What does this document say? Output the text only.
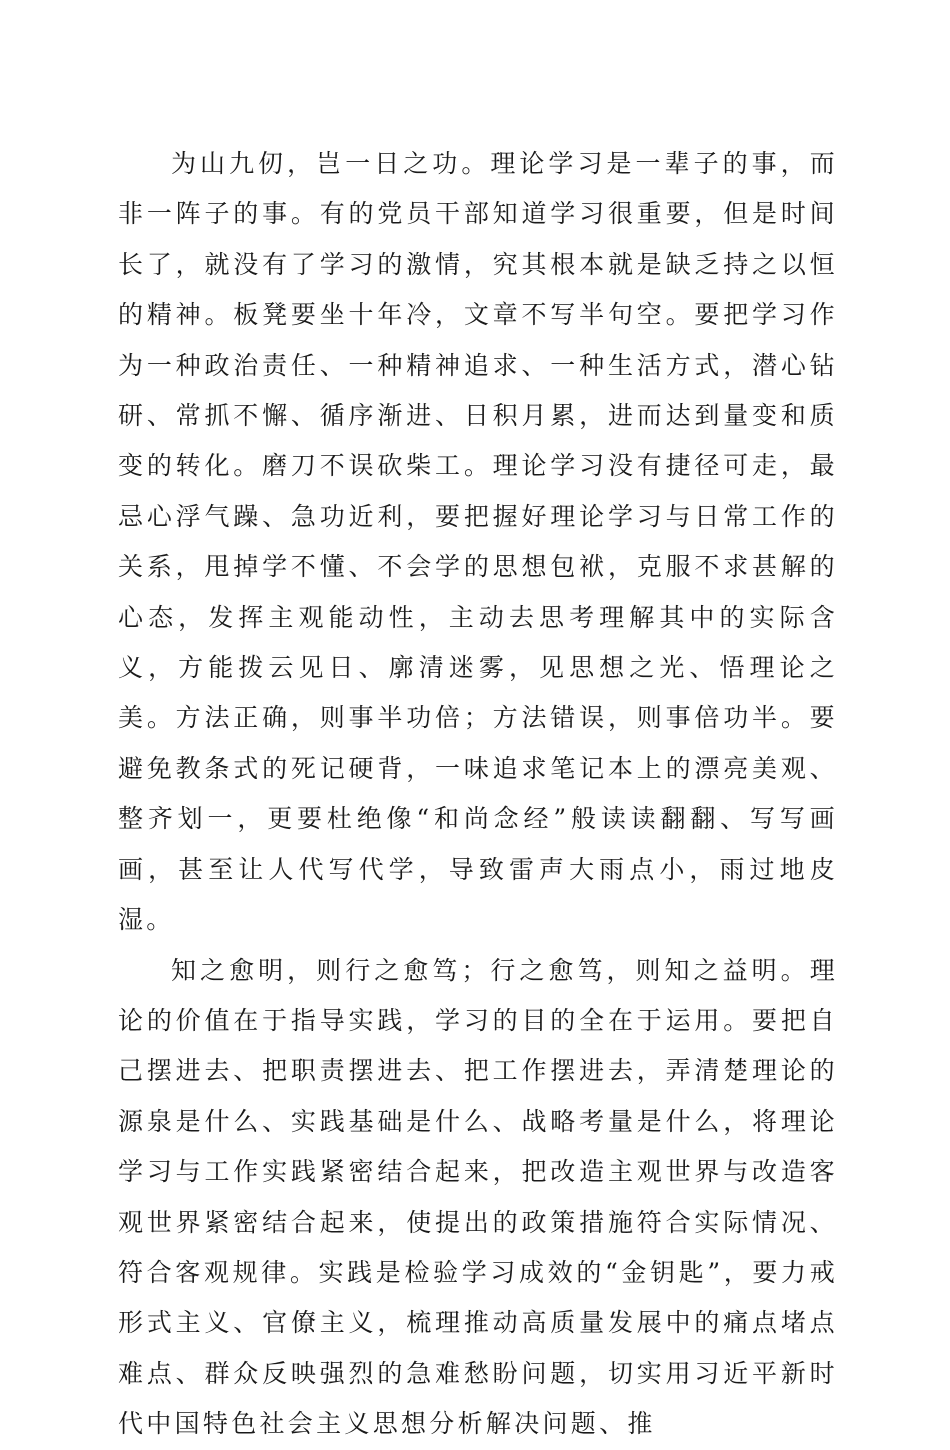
为山九仞，岂一日之功。理论学习是一辈子的事，而非一阵子的事。有的党员干部知道学习很重要，但是时间长了，就没有了学习的激情，究其根本就是缺乏持之以恒的精神。板凳要坐十年冷，文章不写半句空。要把学习作为一种政治责任、一种精神追求、一种生活方式，潜心钻研、常抓不懈、循序渐进、日积月累，进而达到量变和质变的转化。磨刀不误砍柴工。理论学习没有捷径可走，最忌心浮气躁、急功近利，要把握好理论学习与日常工作的关系，甩掉学不懂、不会学的思想包袱，克服不求甚解的心态，发挥主观能动性，主动去思考理解其中的实际含义，方能拨云见日、廓清迷雾，见思想之光、悟理论之美。方法正确，则事半功倍；方法错误，则事倍功半。要避免教条式的死记硬背，一味追求笔记本上的漂亮美观、整齐划一，更要杜绝像“和尚念经”般读读翻翻、写写画画，甚至让人代写代学，导致雷声大雨点小，雨过地皮湿。

知之愈明，则行之愈笃；行之愈笃，则知之益明。理论的价值在于指导实践，学习的目的全在于运用。要把自己摆进去、把职责摆进去、把工作摆进去，弄清楚理论的源泉是什么、实践基础是什么、战略考量是什么，将理论学习与工作实践紧密结合起来，把改造主观世界与改造客观世界紧密结合起来，使提出的政策措施符合实际情况、符合客观规律。实践是检验学习成效的“金钥匙”，要力戒形式主义、官僚主义，梳理推动高质量发展中的痛点堵点难点、群众反映强烈的急难愁盼问题，切实用习近平新时代中国特色社会主义思想分析解决问题、推
